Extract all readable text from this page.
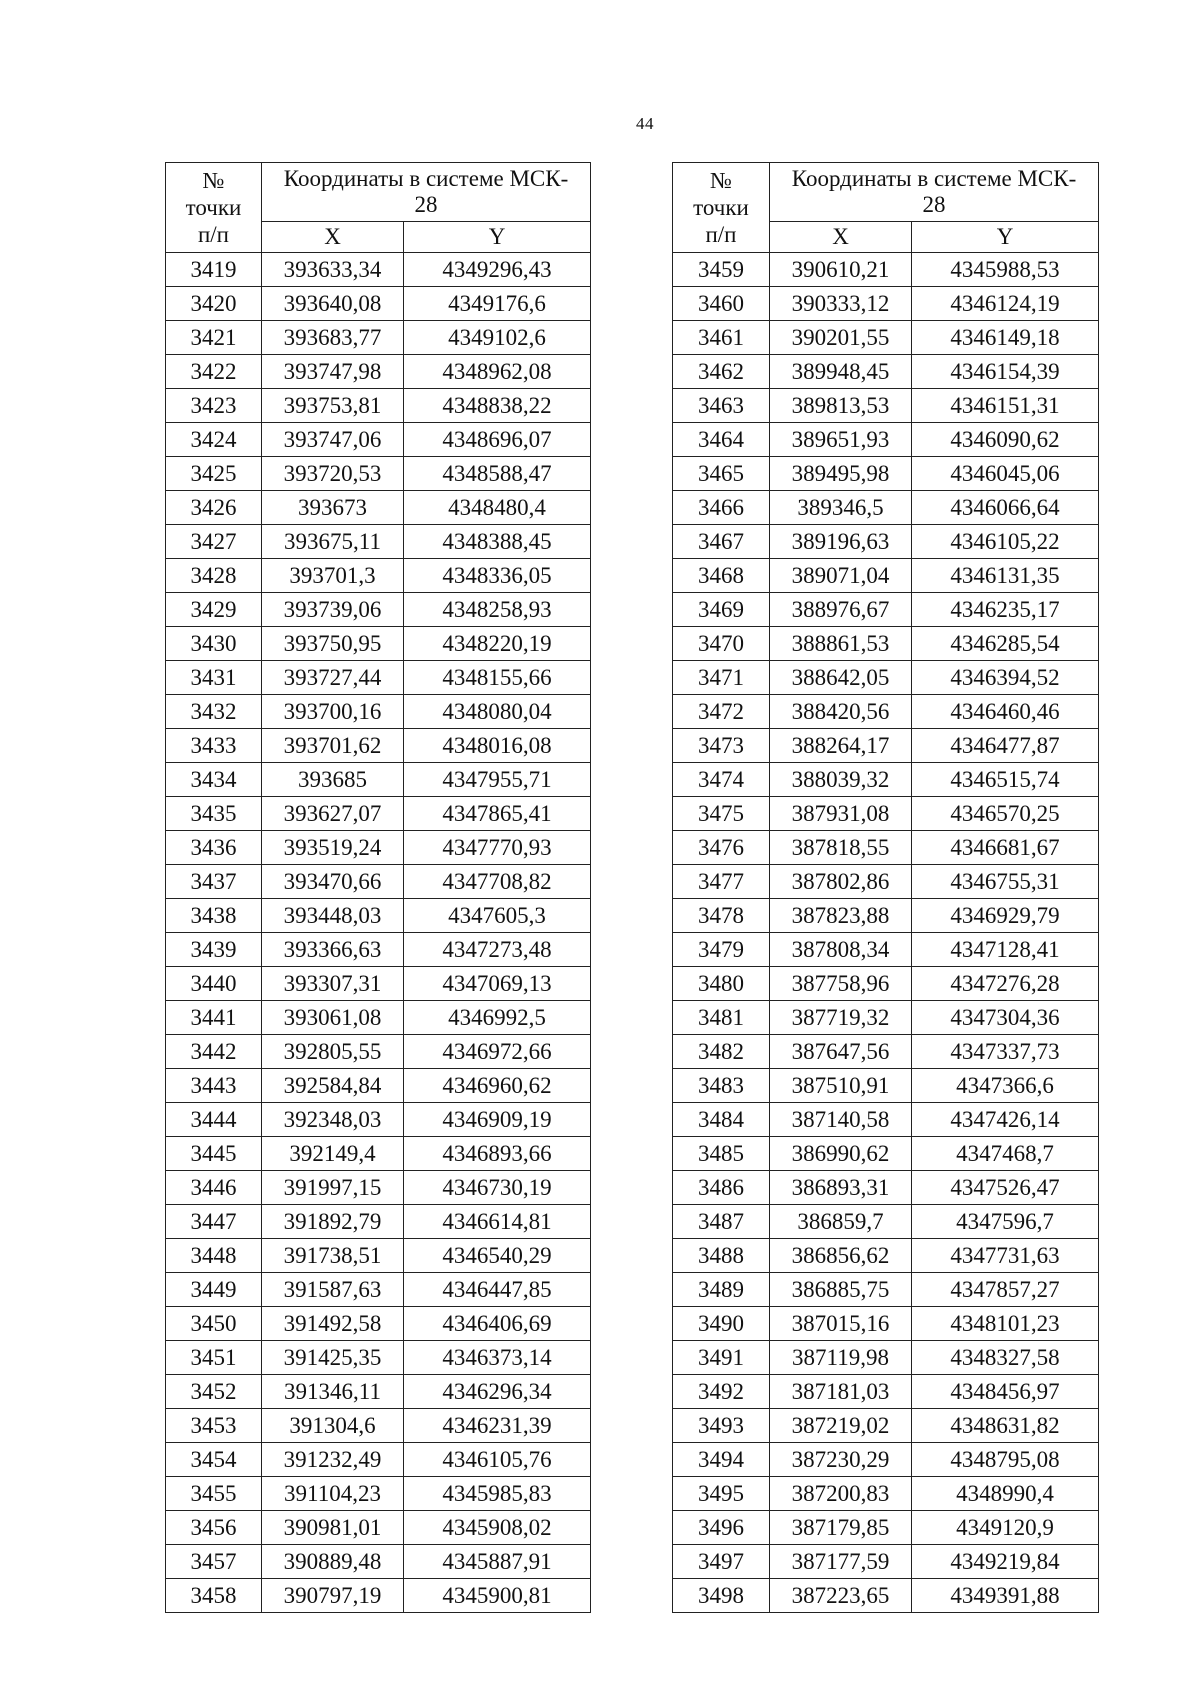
44
№
точки
п/п	Координаты в системе МСК-
28	
	X	Y
3419	393633,34	4349296,43
3420	393640,08	4349176,6
3421	393683,77	4349102,6
3422	393747,98	4348962,08
3423	393753,81	4348838,22
3424	393747,06	4348696,07
3425	393720,53	4348588,47
3426	393673	4348480,4
3427	393675,11	4348388,45
3428	393701,3	4348336,05
3429	393739,06	4348258,93
3430	393750,95	4348220,19
3431	393727,44	4348155,66
3432	393700,16	4348080,04
3433	393701,62	4348016,08
3434	393685	4347955,71
3435	393627,07	4347865,41
3436	393519,24	4347770,93
3437	393470,66	4347708,82
3438	393448,03	4347605,3
3439	393366,63	4347273,48
3440	393307,31	4347069,13
3441	393061,08	4346992,5
3442	392805,55	4346972,66
3443	392584,84	4346960,62
3444	392348,03	4346909,19
3445	392149,4	4346893,66
3446	391997,15	4346730,19
3447	391892,79	4346614,81
3448	391738,51	4346540,29
3449	391587,63	4346447,85
3450	391492,58	4346406,69
3451	391425,35	4346373,14
3452	391346,11	4346296,34
3453	391304,6	4346231,39
3454	391232,49	4346105,76
3455	391104,23	4345985,83
3456	390981,01	4345908,02
3457	390889,48	4345887,91
3458	390797,19	4345900,81
№
точки
п/п	Координаты в системе МСК-
28	
	X	Y
3459	390610,21	4345988,53
3460	390333,12	4346124,19
3461	390201,55	4346149,18
3462	389948,45	4346154,39
3463	389813,53	4346151,31
3464	389651,93	4346090,62
3465	389495,98	4346045,06
3466	389346,5	4346066,64
3467	389196,63	4346105,22
3468	389071,04	4346131,35
3469	388976,67	4346235,17
3470	388861,53	4346285,54
3471	388642,05	4346394,52
3472	388420,56	4346460,46
3473	388264,17	4346477,87
3474	388039,32	4346515,74
3475	387931,08	4346570,25
3476	387818,55	4346681,67
3477	387802,86	4346755,31
3478	387823,88	4346929,79
3479	387808,34	4347128,41
3480	387758,96	4347276,28
3481	387719,32	4347304,36
3482	387647,56	4347337,73
3483	387510,91	4347366,6
3484	387140,58	4347426,14
3485	386990,62	4347468,7
3486	386893,31	4347526,47
3487	386859,7	4347596,7
3488	386856,62	4347731,63
3489	386885,75	4347857,27
3490	387015,16	4348101,23
3491	387119,98	4348327,58
3492	387181,03	4348456,97
3493	387219,02	4348631,82
3494	387230,29	4348795,08
3495	387200,83	4348990,4
3496	387179,85	4349120,9
3497	387177,59	4349219,84
3498	387223,65	4349391,88
